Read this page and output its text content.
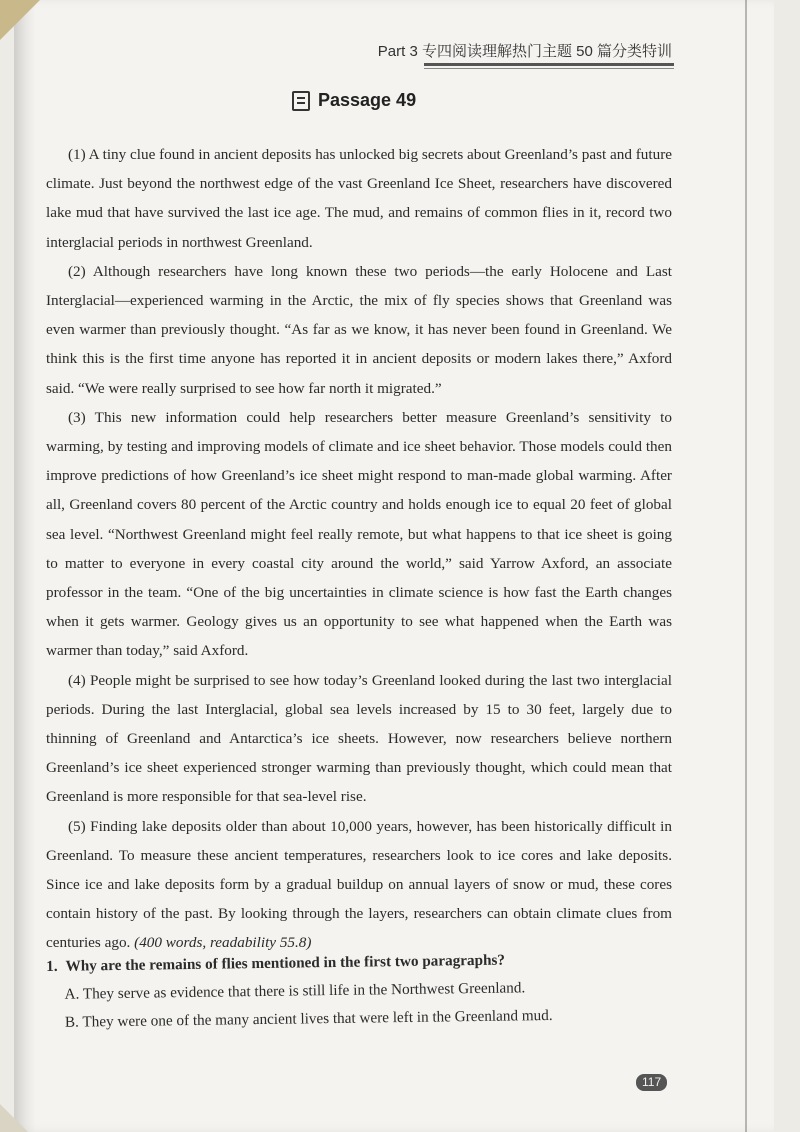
Part 3 专四阅读理解热门主题 50 篇分类特训
Passage 49

(1) A tiny clue found in ancient deposits has unlocked big secrets about Greenland’s past and future climate. Just beyond the northwest edge of the vast Greenland Ice Sheet, researchers have discovered lake mud that have survived the last ice age. The mud, and remains of common flies in it, record two interglacial periods in northwest Greenland.

(2) Although researchers have long known these two periods—the early Holocene and Last Interglacial—experienced warming in the Arctic, the mix of fly species shows that Greenland was even warmer than previously thought. “As far as we know, it has never been found in Greenland. We think this is the first time anyone has reported it in ancient deposits or modern lakes there,” Axford said. “We were really surprised to see how far north it migrated.”

(3) This new information could help researchers better measure Greenland’s sensitivity to warming, by testing and improving models of climate and ice sheet behavior. Those models could then improve predictions of how Greenland’s ice sheet might respond to man-made global warming. After all, Greenland covers 80 percent of the Arctic country and holds enough ice to equal 20 feet of global sea level. “Northwest Greenland might feel really remote, but what happens to that ice sheet is going to matter to everyone in every coastal city around the world,” said Yarrow Axford, an associate professor in the team. “One of the big uncertainties in climate science is how fast the Earth changes when it gets warmer. Geology gives us an opportunity to see what happened when the Earth was warmer than today,” said Axford.

(4) People might be surprised to see how today’s Greenland looked during the last two interglacial periods. During the last Interglacial, global sea levels increased by 15 to 30 feet, largely due to thinning of Greenland and Antarctica’s ice sheets. However, now researchers believe northern Greenland’s ice sheet experienced stronger warming than previously thought, which could mean that Greenland is more responsible for that sea-level rise.

(5) Finding lake deposits older than about 10,000 years, however, has been historically difficult in Greenland. To measure these ancient temperatures, researchers look to ice cores and lake deposits. Since ice and lake deposits form by a gradual buildup on annual layers of snow or mud, these cores contain history of the past. By looking through the layers, researchers can obtain climate clues from centuries ago. (400 words, readability 55.8)

1. Why are the remains of flies mentioned in the first two paragraphs?
A. They serve as evidence that there is still life in the Northwest Greenland.
B. They were one of the many ancient lives that were left in the Greenland mud.
117
